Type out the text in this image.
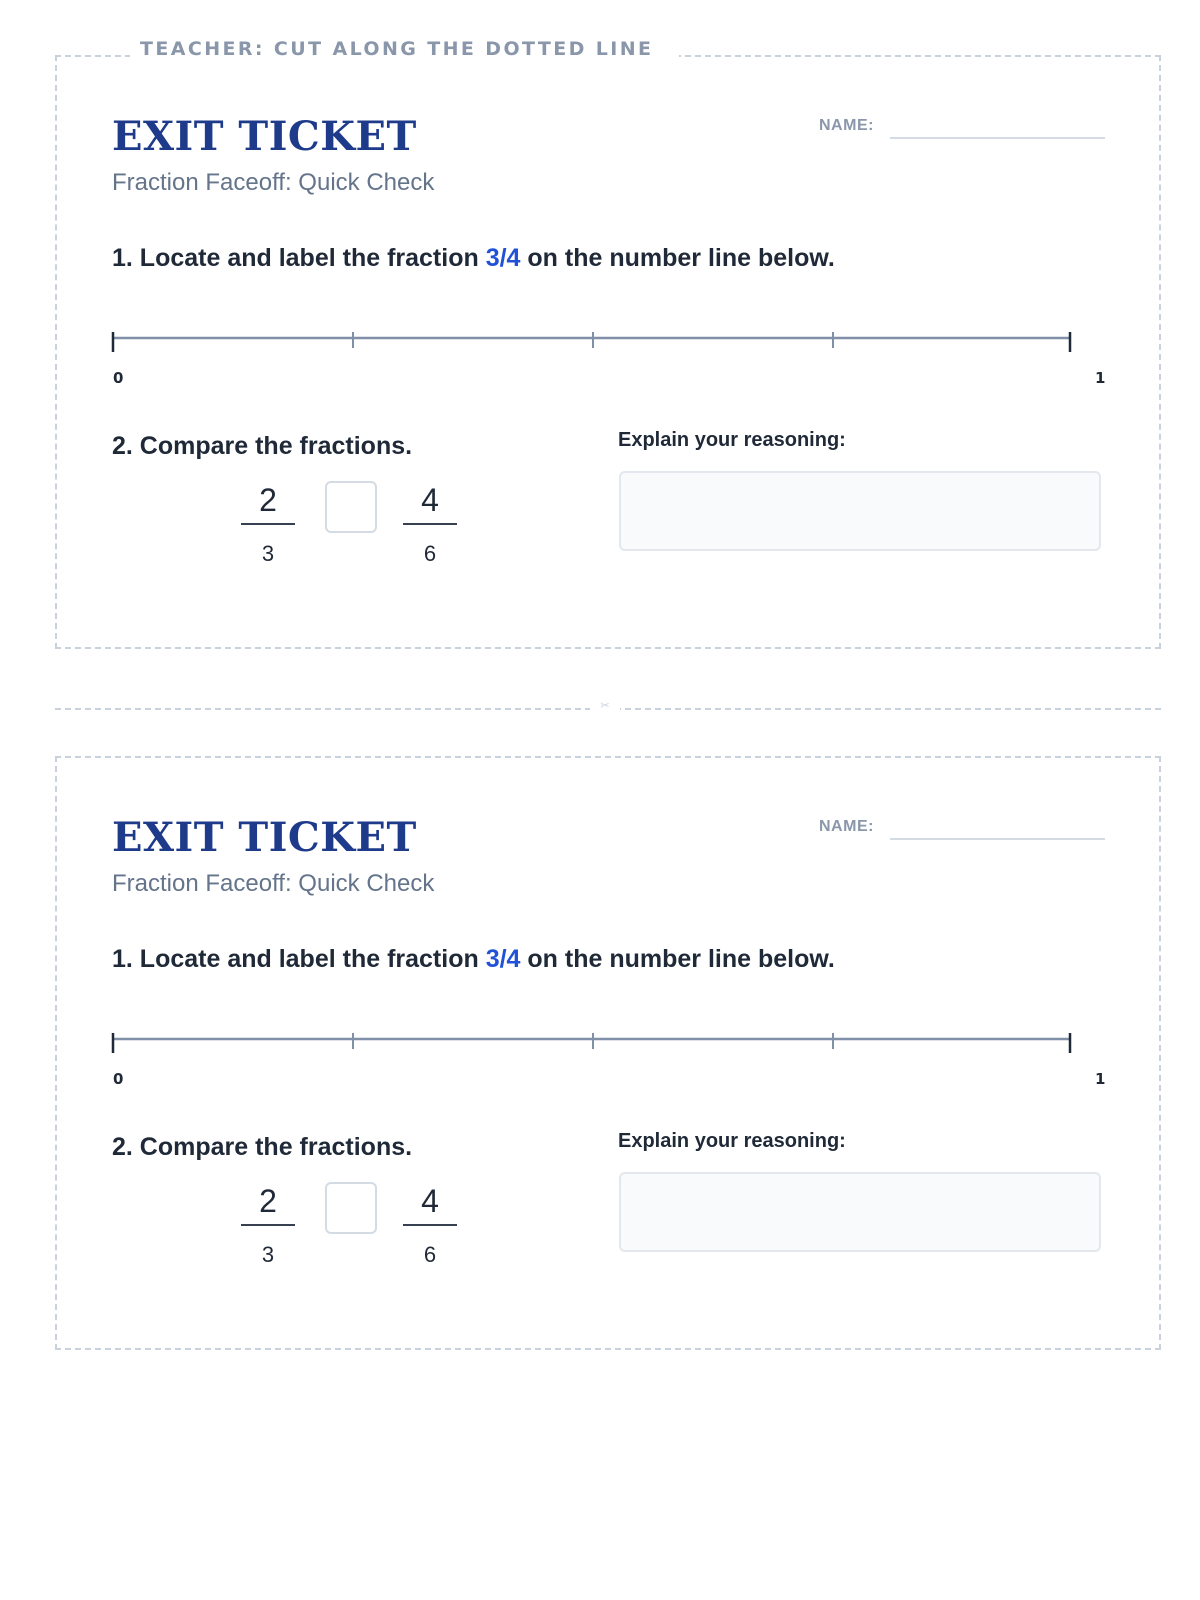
EXIT TICKET
Fraction Faceoff: Quick Check
NAME:
1. Locate and label the fraction 3/4 on the number line below.
0	1
2. Compare the fractions.
2
3
4
6
Explain your reasoning:
TEACHER: CUT ALONG THE DOTTED LINE
✂
EXIT TICKET
Fraction Faceoff: Quick Check
NAME:
1. Locate and label the fraction 3/4 on the number line below.
0	1
2. Compare the fractions.
2
3
4
6
Explain your reasoning:
